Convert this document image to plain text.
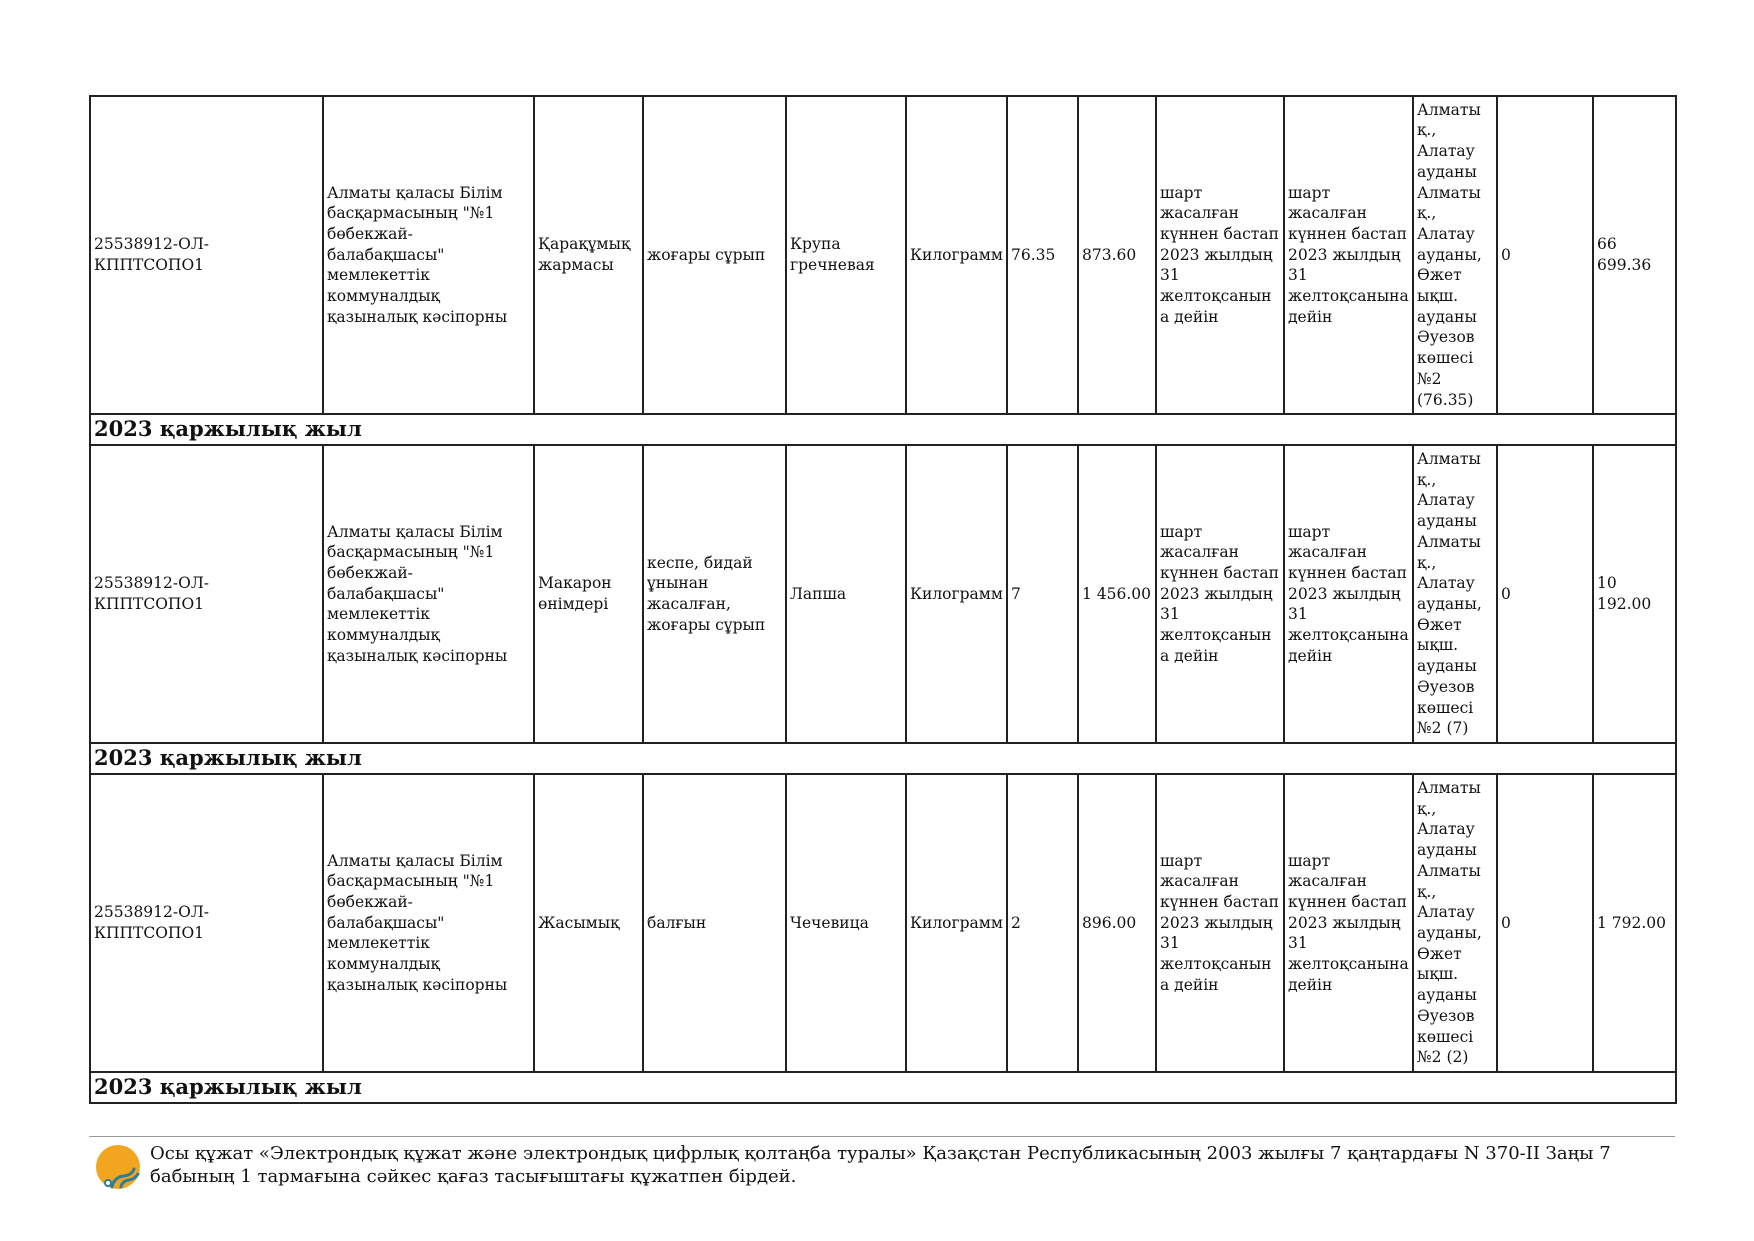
25538912-ОЛ-КППТСОПО1	Алматы қаласы Білім басқармасының "№1 бөбекжай-балабақшасы" мемлекеттік коммуналдық қазыналық кәсіпорны	Қарақұмық жармасы	жоғары сұрып	Крупа гречневая	Килограмм	76.35	873.60	шарт жасалған күннен бастап 2023 жылдың 31 желтоқсанына дейін	шарт жасалған күннен бастап 2023 жылдың 31 желтоқсанына дейін	Алматы қ., Алатау ауданы Алматы қ., Алатау ауданы, Өжет ықш. ауданы Әуезов көшесі №2 (76.35)	0	66 699.36
2023 қаржылық жыл												
25538912-ОЛ-КППТСОПО1	Алматы қаласы Білім басқармасының "№1 бөбекжай-балабақшасы" мемлекеттік коммуналдық қазыналық кәсіпорны	Макарон өнімдері	кеспе, бидай ұнынан жасалған, жоғары сұрып	Лапша	Килограмм	7	1 456.00	шарт жасалған күннен бастап 2023 жылдың 31 желтоқсанына дейін	шарт жасалған күннен бастап 2023 жылдың 31 желтоқсанына дейін	Алматы қ., Алатау ауданы Алматы қ., Алатау ауданы, Өжет ықш. ауданы Әуезов көшесі №2 (7)	0	10 192.00
2023 қаржылық жыл												
25538912-ОЛ-КППТСОПО1	Алматы қаласы Білім басқармасының "№1 бөбекжай-балабақшасы" мемлекеттік коммуналдық қазыналық кәсіпорны	Жасымық	балғын	Чечевица	Килограмм	2	896.00	шарт жасалған күннен бастап 2023 жылдың 31 желтоқсанына дейін	шарт жасалған күннен бастап 2023 жылдың 31 желтоқсанына дейін	Алматы қ., Алатау ауданы Алматы қ., Алатау ауданы, Өжет ықш. ауданы Әуезов көшесі №2 (2)	0	1 792.00
2023 қаржылық жыл												
Осы құжат «Электрондық құжат және электрондық цифрлық қолтаңба туралы» Қазақстан Республикасының 2003 жылғы 7 қаңтардағы N 370-II Заңы 7 бабының 1 тармағына сәйкес қағаз тасығыштағы құжатпен бірдей.
